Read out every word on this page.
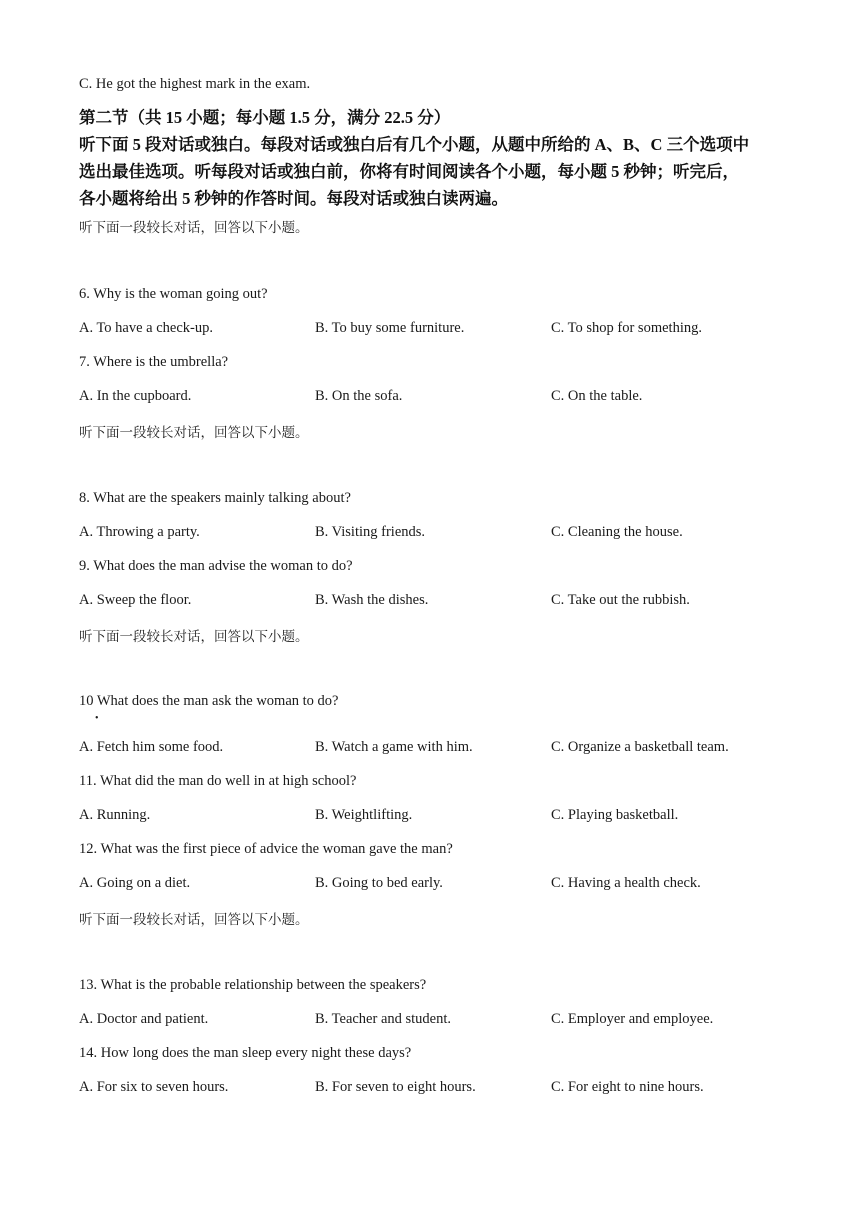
C. He got the highest mark in the exam.
第二节（共 15 小题；每小题 1.5 分，满分 22.5 分）
听下面 5 段对话或独白。每段对话或独白后有几个小题，从题中所给的 A、B、C 三个选项中
选出最佳选项。听每段对话或独白前，你将有时间阅读各个小题，每小题 5 秒钟；听完后，
各小题将给出 5 秒钟的作答时间。每段对话或独白读两遍。
听下面一段较长对话，回答以下小题。
6. Why is the woman going out?
A. To have a check-up.	B. To buy some furniture.	C. To shop for something.
7. Where is the umbrella?
A. In the cupboard.	B. On the sofa.	C. On the table.
听下面一段较长对话，回答以下小题。
8. What are the speakers mainly talking about?
A. Throwing a party.	B. Visiting friends.	C. Cleaning the house.
9. What does the man advise the woman to do?
A. Sweep the floor.	B. Wash the dishes.	C. Take out the rubbish.
听下面一段较长对话，回答以下小题。
10 What does the man ask the woman to do?
•
A. Fetch him some food.	B. Watch a game with him.	C. Organize a basketball team.
11. What did the man do well in at high school?
A. Running.	B. Weightlifting.	C. Playing basketball.
12. What was the first piece of advice the woman gave the man?
A. Going on a diet.	B. Going to bed early.	C. Having a health check.
听下面一段较长对话，回答以下小题。
13. What is the probable relationship between the speakers?
A. Doctor and patient.	B. Teacher and student.	C. Employer and employee.
14. How long does the man sleep every night these days?
A. For six to seven hours.	B. For seven to eight hours.	C. For eight to nine hours.
